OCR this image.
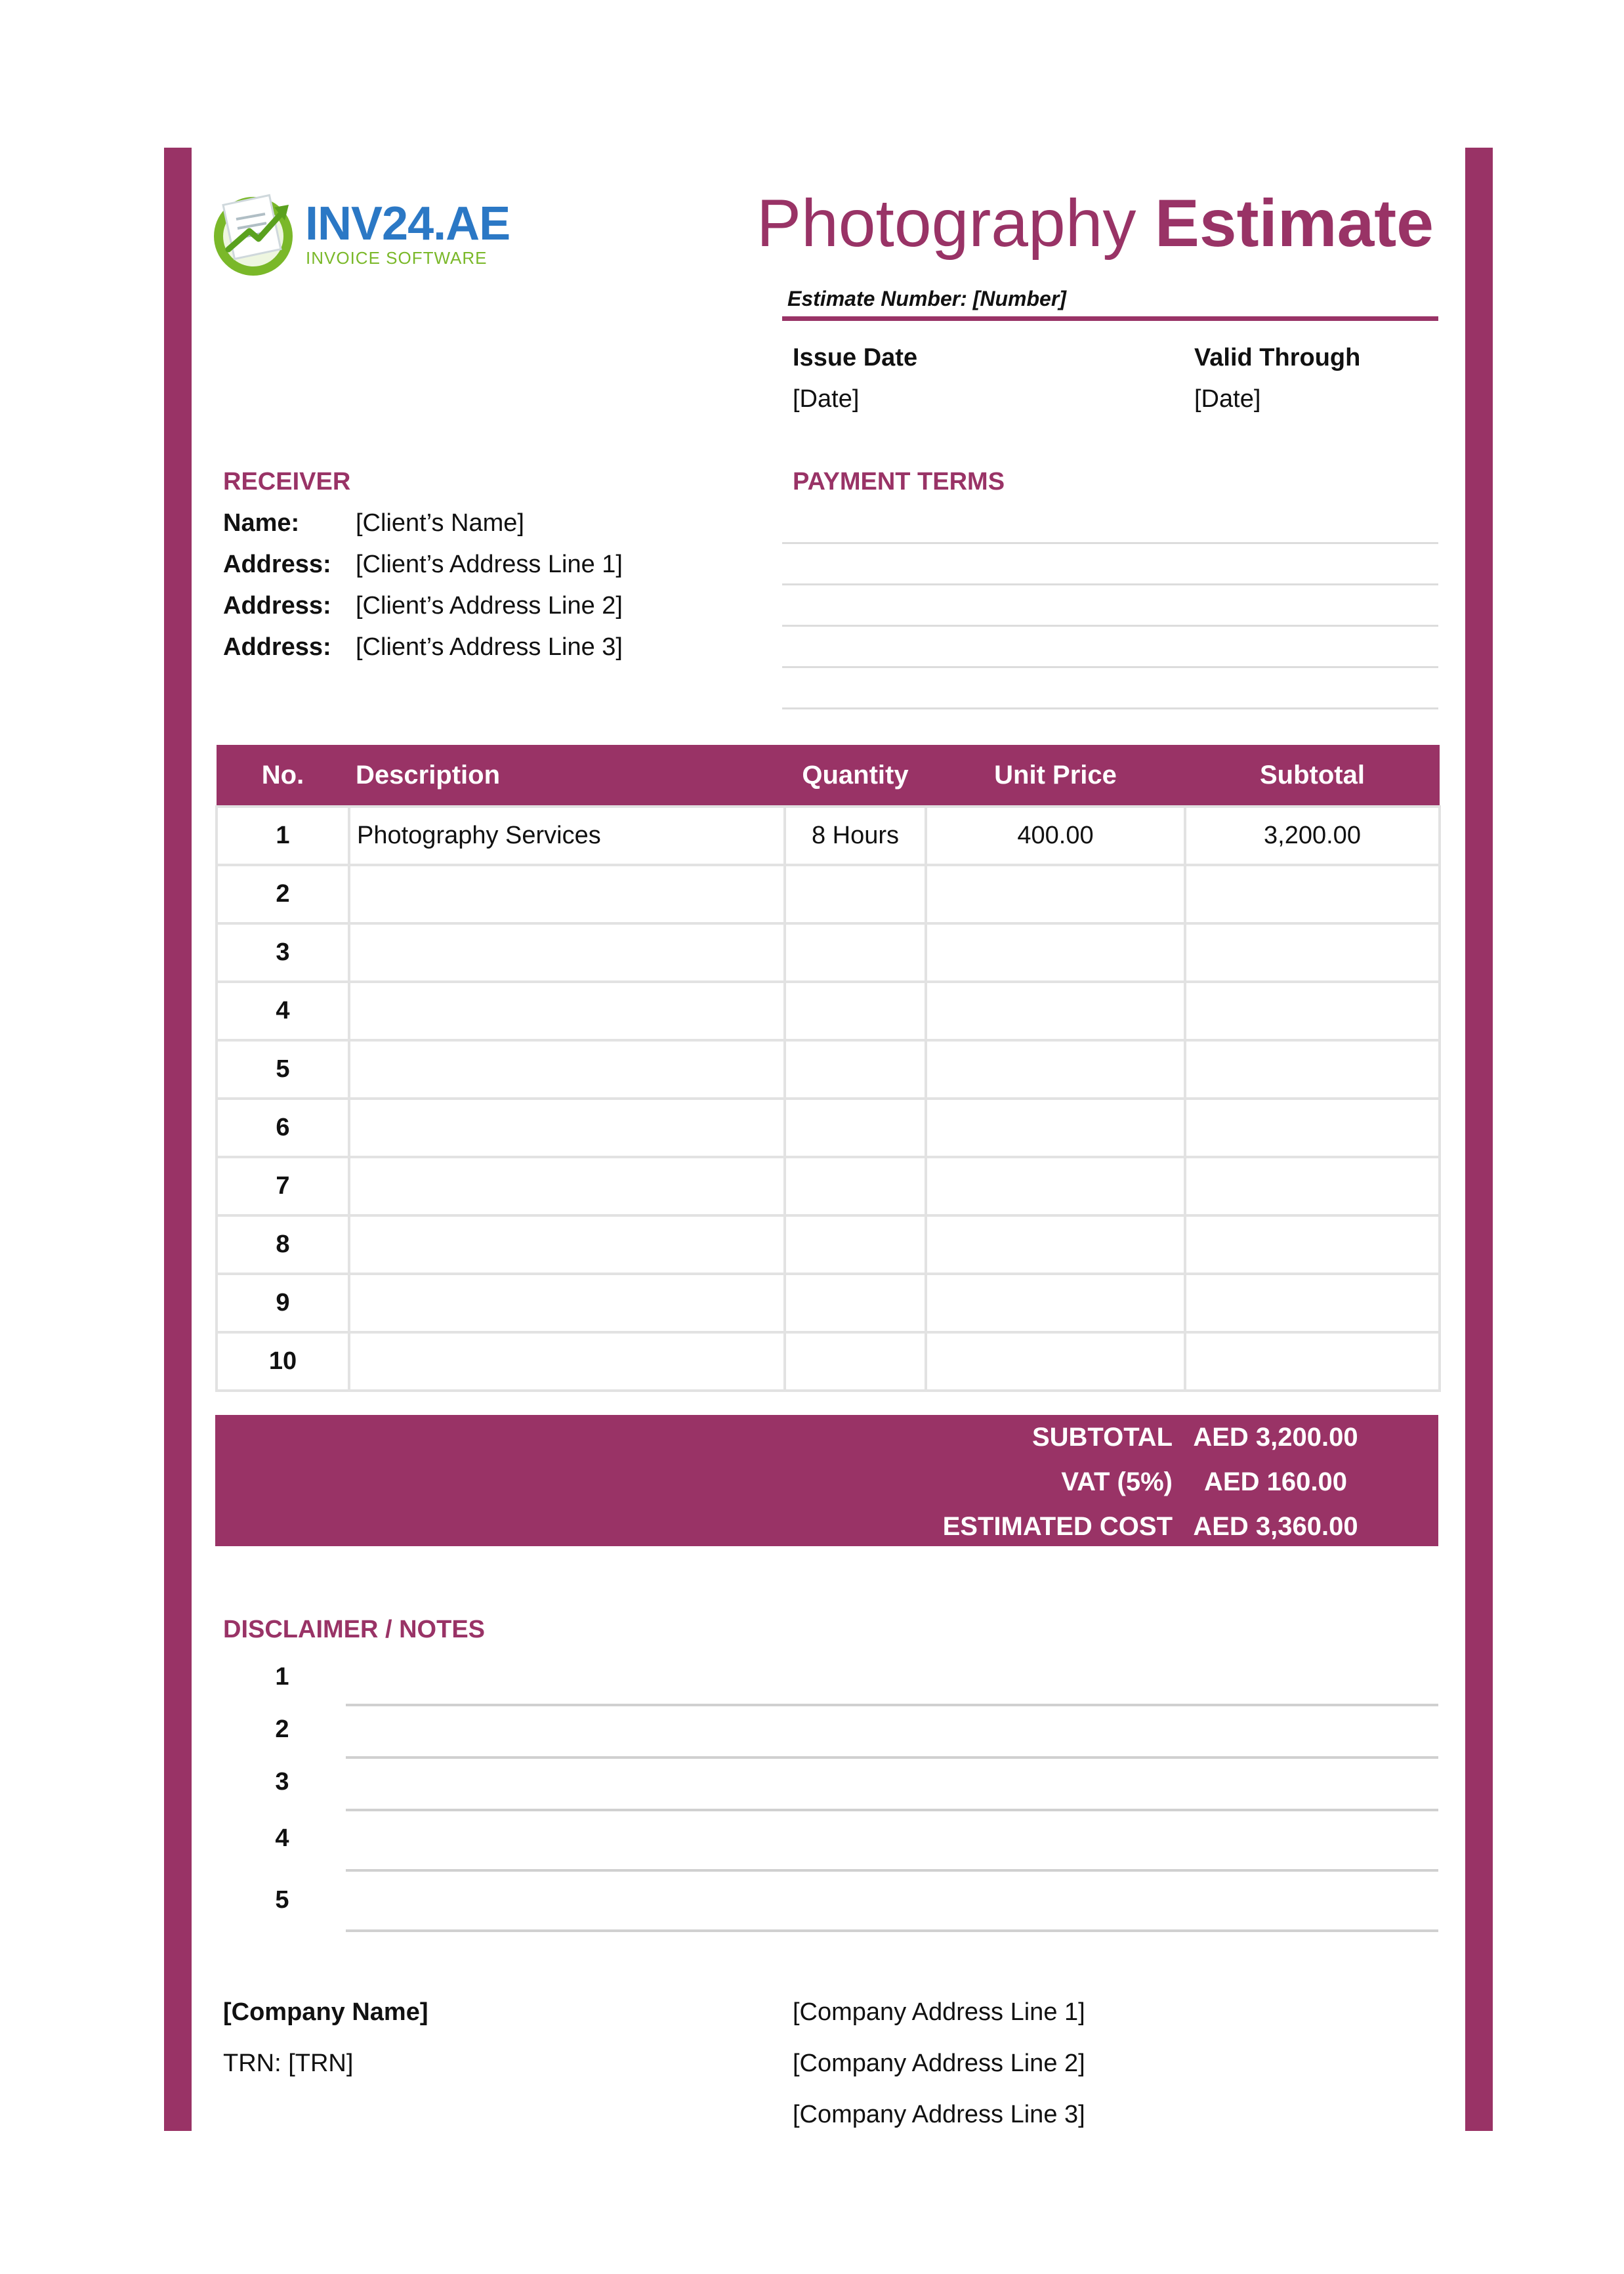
INV24.AE
INVOICE SOFTWARE	Photography Estimate
Estimate Number: [Number]
Issue Date
[Date]
Valid Through
[Date]
RECEIVER
Name: [Client’s Name]
Address: [Client’s Address Line 1]
Address: [Client’s Address Line 2]
Address: [Client’s Address Line 3]
PAYMENT TERMS
No.	Description	Quantity	Unit Price	Subtotal
1	Photography Services	8 Hours	400.00	3,200.00
2				
3				
4				
5				
6				
7				
8				
9				
10				
SUBTOTAL AED 3,200.00
VAT (5%)	AED 160.00
ESTIMATED COST AED 3,360.00
DISCLAIMER / NOTES
1
2
3
4
5
[Company Name]
TRN: [TRN]
[Company Address Line 1]
[Company Address Line 2]
[Company Address Line 3]
